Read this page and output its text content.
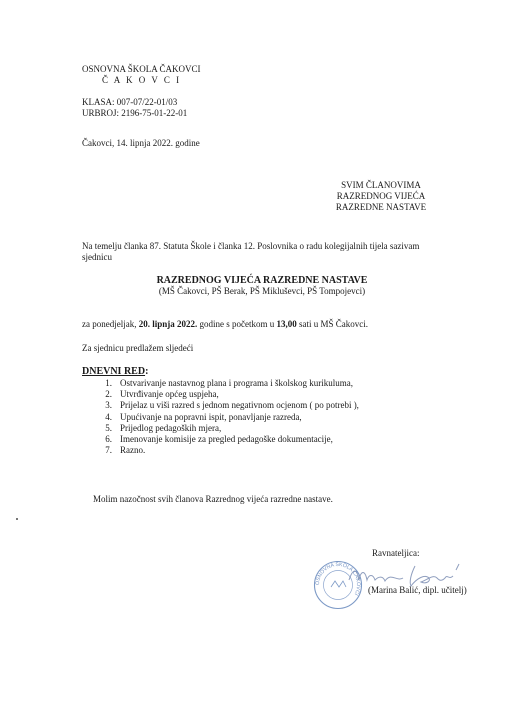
OSNOVNA ŠKOLA ČAKOVCI
Č A K O V C I
KLASA: 007-07/22-01/03
URBROJ: 2196-75-01-22-01
Čakovci, 14. lipnja 2022. godine
SVIM ČLANOVIMA RAZREDNOG VIJEĆA
RAZREDNE NASTAVE
Na temelju članka 87. Statuta Škole i članka 12. Poslovnika o radu kolegijalnih tijela sazivam sjednicu
RAZREDNOG VIJEĆA RAZREDNE NASTAVE
(MŠ Čakovci, PŠ Berak, PŠ Mikluševci, PŠ Tompojevci)
za ponedjeljak, 20. lipnja 2022. godine s početkom u 13,00 sati u MŠ Čakovci.
Za sjednicu predlažem sljedeći
DNEVNI RED:
1. Ostvarivanje nastavnog plana i programa i školskog kurikuluma,
2. Utvrđivanje općeg uspjeha,
3. Prijelaz u viši razred s jednom negativnom ocjenom ( po potrebi ),
4. Upućivanje na popravni ispit, ponavljanje razreda,
5. Prijedlog pedagoških mjera,
6. Imenovanje komisije za pregled pedagoške dokumentacije,
7. Razno.
Molim nazočnost svih članova Razrednog vijeća razredne nastave.
Ravnateljica:
OSNOVNA ŠKOLA ČAKOVCI (Marina Balić, dipl. učitelj)
